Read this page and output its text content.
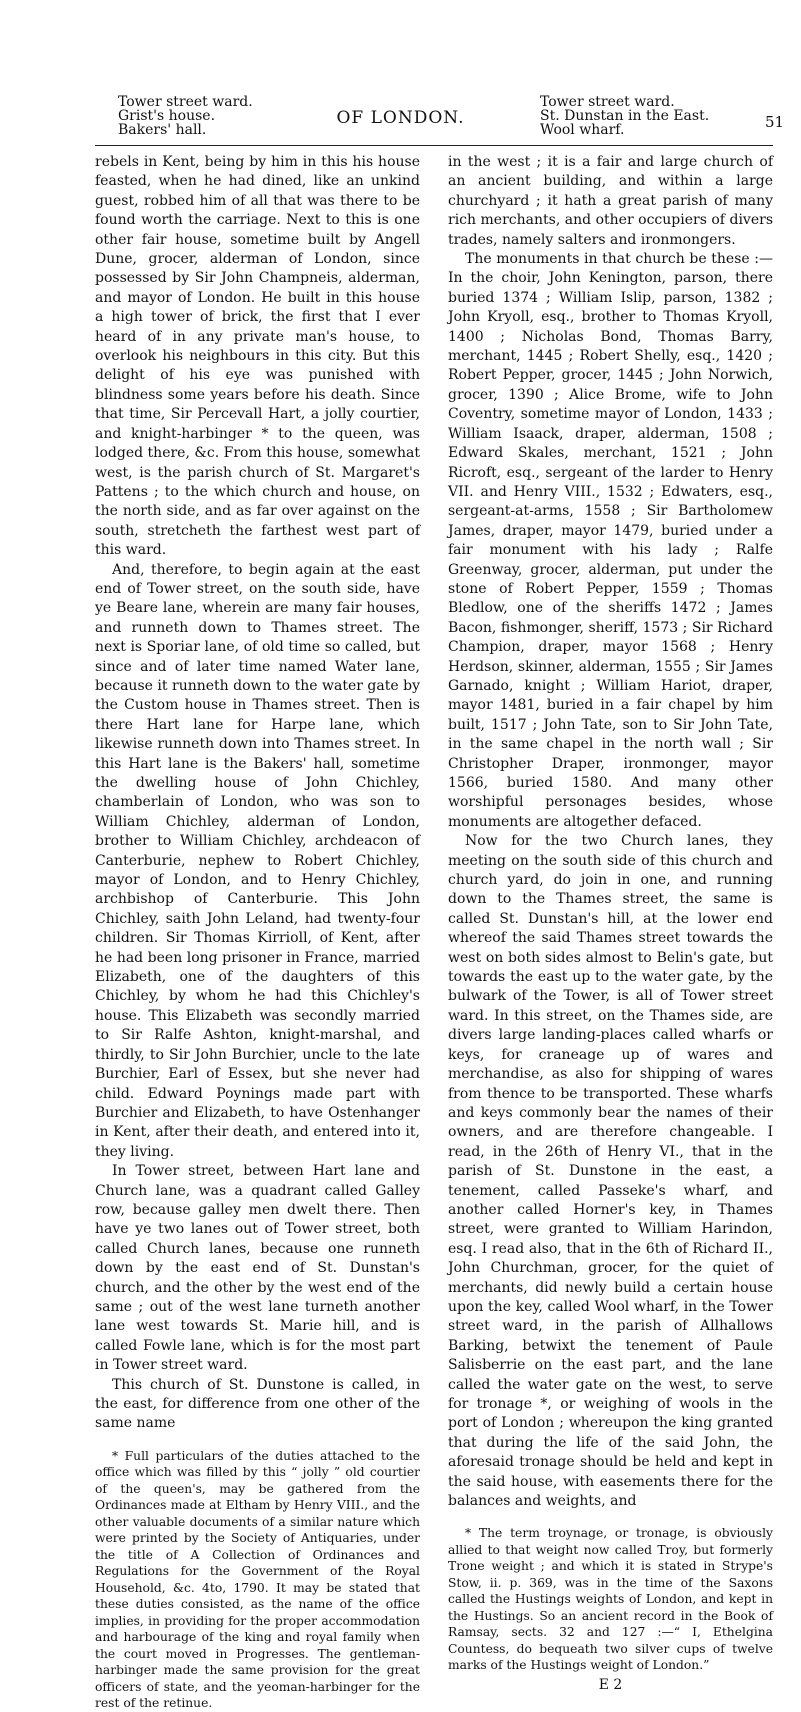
Tower street ward.
Grist's house.
Bakers' hall.
OF LONDON.
Tower street ward.
St. Dunstan in the East.
Wool wharf.	51

rebels in Kent, being by him in this his house feasted, when he had dined, like an unkind guest, robbed him of all that was there to be found worth the carriage. Next to this is one other fair house, sometime built by Angell Dune, grocer, alderman of London, since possessed by Sir John Champneis, alderman, and mayor of London. He built in this house a high tower of brick, the first that I ever heard of in any private man's house, to overlook his neighbours in this city. But this delight of his eye was punished with blindness some years before his death. Since that time, Sir Percevall Hart, a jolly courtier, and knight-harbinger * to the queen, was lodged there, &c. From this house, somewhat west, is the parish church of St. Margaret's Pattens ; to the which church and house, on the north side, and as far over against on the south, stretcheth the farthest west part of this ward.

And, therefore, to begin again at the east end of Tower street, on the south side, have ye Beare lane, wherein are many fair houses, and runneth down to Thames street. The next is Sporiar lane, of old time so called, but since and of later time named Water lane, because it runneth down to the water gate by the Custom house in Thames street. Then is there Hart lane for Harpe lane, which likewise runneth down into Thames street. In this Hart lane is the Bakers' hall, sometime the dwelling house of John Chichley, chamberlain of London, who was son to William Chichley, alderman of London, brother to William Chichley, archdeacon of Canterburie, nephew to Robert Chichley, mayor of London, and to Henry Chichley, archbishop of Canterburie. This John Chichley, saith John Leland, had twenty-four children. Sir Thomas Kirrioll, of Kent, after he had been long prisoner in France, married Elizabeth, one of the daughters of this Chichley, by whom he had this Chichley's house. This Elizabeth was secondly married to Sir Ralfe Ashton, knight-marshal, and thirdly, to Sir John Burchier, uncle to the late Burchier, Earl of Essex, but she never had child. Edward Poynings made part with Burchier and Elizabeth, to have Ostenhanger in Kent, after their death, and entered into it, they living.

In Tower street, between Hart lane and Church lane, was a quadrant called Galley row, because galley men dwelt there. Then have ye two lanes out of Tower street, both called Church lanes, because one runneth down by the east end of St. Dunstan's church, and the other by the west end of the same ; out of the west lane turneth another lane west towards St. Marie hill, and is called Fowle lane, which is for the most part in Tower street ward.

This church of St. Dunstone is called, in the east, for difference from one other of the same name

* Full particulars of the duties attached to the office which was filled by this “ jolly ” old courtier of the queen's, may be gathered from the Ordinances made at Eltham by Henry VIII., and the other valuable documents of a similar nature which were printed by the Society of Antiquaries, under the title of A Collection of Ordinances and Regulations for the Government of the Royal Household, &c. 4to, 1790. It may be stated that these duties consisted, as the name of the office implies, in providing for the proper accommodation and harbourage of the king and royal family when the court moved in Progresses. The gentleman-harbinger made the same provision for the great officers of state, and the yeoman-harbinger for the rest of the retinue.

in the west ; it is a fair and large church of an ancient building, and within a large churchyard ; it hath a great parish of many rich merchants, and other occupiers of divers trades, namely salters and ironmongers.

The monuments in that church be these :—In the choir, John Kenington, parson, there buried 1374 ; William Islip, parson, 1382 ; John Kryoll, esq., brother to Thomas Kryoll, 1400 ; Nicholas Bond, Thomas Barry, merchant, 1445 ; Robert Shelly, esq., 1420 ; Robert Pepper, grocer, 1445 ; John Norwich, grocer, 1390 ; Alice Brome, wife to John Coventry, sometime mayor of London, 1433 ; William Isaack, draper, alderman, 1508 ; Edward Skales, merchant, 1521 ; John Ricroft, esq., sergeant of the larder to Henry VII. and Henry VIII., 1532 ; Edwaters, esq., sergeant-at-arms, 1558 ; Sir Bartholomew James, draper, mayor 1479, buried under a fair monument with his lady ; Ralfe Greenway, grocer, alderman, put under the stone of Robert Pepper, 1559 ; Thomas Bledlow, one of the sheriffs 1472 ; James Bacon, fishmonger, sheriff, 1573 ; Sir Richard Champion, draper, mayor 1568 ; Henry Herdson, skinner, alderman, 1555 ; Sir James Garnado, knight ; William Hariot, draper, mayor 1481, buried in a fair chapel by him built, 1517 ; John Tate, son to Sir John Tate, in the same chapel in the north wall ; Sir Christopher Draper, ironmonger, mayor 1566, buried 1580. And many other worshipful personages besides, whose monuments are altogether defaced.

Now for the two Church lanes, they meeting on the south side of this church and church yard, do join in one, and running down to the Thames street, the same is called St. Dunstan's hill, at the lower end whereof the said Thames street towards the west on both sides almost to Belin's gate, but towards the east up to the water gate, by the bulwark of the Tower, is all of Tower street ward. In this street, on the Thames side, are divers large landing-places called wharfs or keys, for craneage up of wares and merchandise, as also for shipping of wares from thence to be transported. These wharfs and keys commonly bear the names of their owners, and are therefore changeable. I read, in the 26th of Henry VI., that in the parish of St. Dunstone in the east, a tenement, called Passeke's wharf, and another called Horner's key, in Thames street, were granted to William Harindon, esq. I read also, that in the 6th of Richard II., John Churchman, grocer, for the quiet of merchants, did newly build a certain house upon the key, called Wool wharf, in the Tower street ward, in the parish of Allhallows Barking, betwixt the tenement of Paule Salisberrie on the east part, and the lane called the water gate on the west, to serve for tronage *, or weighing of wools in the port of London ; whereupon the king granted that during the life of the said John, the aforesaid tronage should be held and kept in the said house, with easements there for the balances and weights, and

* The term troynage, or tronage, is obviously allied to that weight now called Troy, but formerly Trone weight ; and which it is stated in Strype's Stow, ii. p. 369, was in the time of the Saxons called the Hustings weights of London, and kept in the Hustings. So an ancient record in the Book of Ramsay, sects. 32 and 127 :—“ I, Ethelgina Countess, do bequeath two silver cups of twelve marks of the Hustings weight of London.”

E 2
